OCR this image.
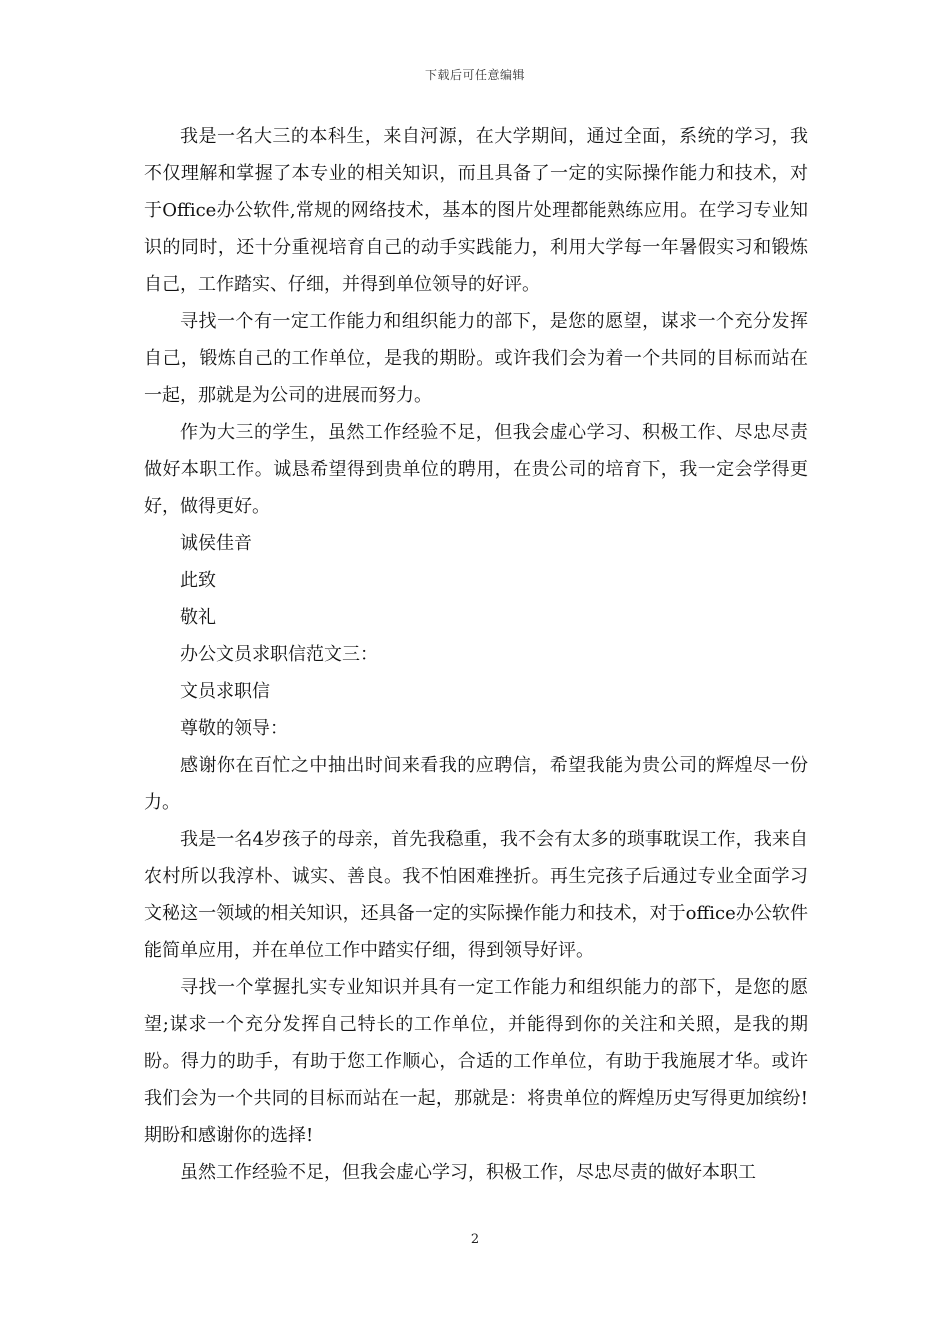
下载后可任意编辑

我是一名大三的本科生，来自河源，在大学期间，通过全面，系统的学习，我不仅理解和掌握了本专业的相关知识，而且具备了一定的实际操作能力和技术，对于Office办公软件,常规的网络技术，基本的图片处理都能熟练应用。在学习专业知识的同时，还十分重视培育自己的动手实践能力，利用大学每一年暑假实习和锻炼自己，工作踏实、仔细，并得到单位领导的好评。

寻找一个有一定工作能力和组织能力的部下，是您的愿望，谋求一个充分发挥自己，锻炼自己的工作单位，是我的期盼。或许我们会为着一个共同的目标而站在一起，那就是为公司的进展而努力。

作为大三的学生，虽然工作经验不足，但我会虚心学习、积极工作、尽忠尽责做好本职工作。诚恳希望得到贵单位的聘用，在贵公司的培育下，我一定会学得更好，做得更好。

诚侯佳音

此致

敬礼

办公文员求职信范文三：

文员求职信

尊敬的领导：

感谢你在百忙之中抽出时间来看我的应聘信，希望我能为贵公司的辉煌尽一份力。

我是一名4岁孩子的母亲，首先我稳重，我不会有太多的琐事耽误工作，我来自农村所以我淳朴、诚实、善良。我不怕困难挫折。再生完孩子后通过专业全面学习文秘这一领域的相关知识，还具备一定的实际操作能力和技术，对于office办公软件能简单应用，并在单位工作中踏实仔细，得到领导好评。

寻找一个掌握扎实专业知识并具有一定工作能力和组织能力的部下，是您的愿望;谋求一个充分发挥自己特长的工作单位，并能得到你的关注和关照，是我的期盼。得力的助手，有助于您工作顺心，合适的工作单位，有助于我施展才华。或许我们会为一个共同的目标而站在一起，那就是：将贵单位的辉煌历史写得更加缤纷!期盼和感谢你的选择!

虽然工作经验不足，但我会虚心学习，积极工作，尽忠尽责的做好本职工

2
